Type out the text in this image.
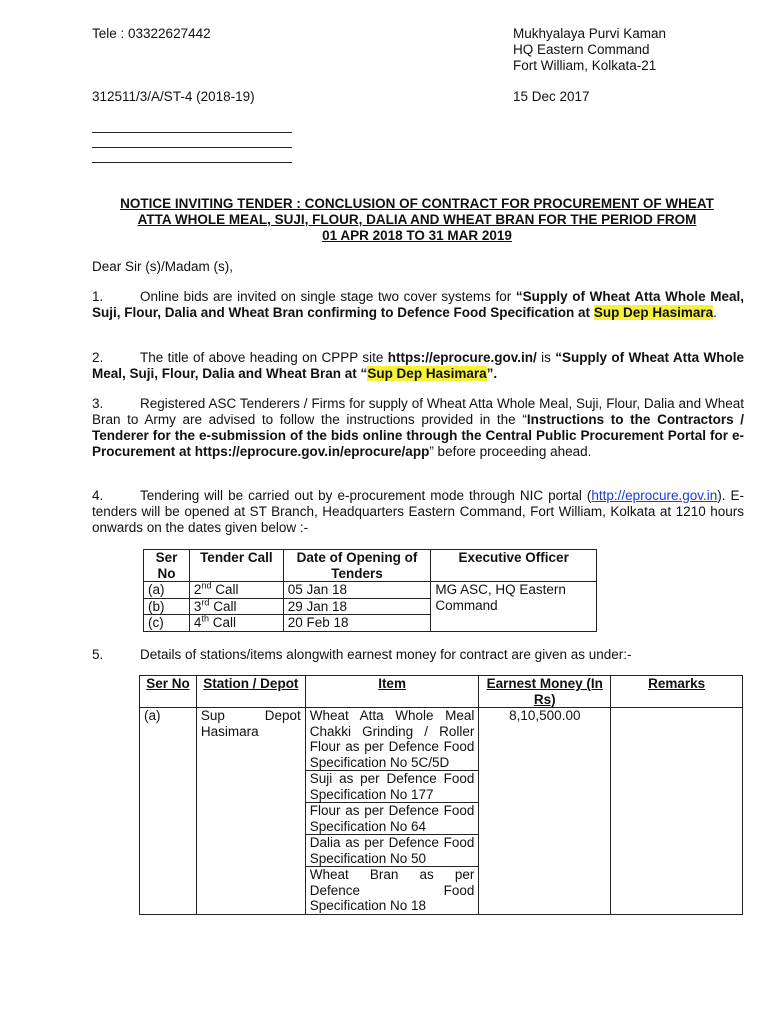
Tele : 03322627442	Mukhyalaya Purvi Kaman
HQ Eastern Command
Fort William, Kolkata-21
312511/3/A/ST-4 (2018-19)	15 Dec 2017
NOTICE INVITING TENDER : CONCLUSION OF CONTRACT FOR PROCUREMENT OF WHEAT
ATTA WHOLE MEAL, SUJI, FLOUR, DALIA AND WHEAT BRAN FOR THE PERIOD FROM
01 APR 2018 TO 31 MAR 2019
Dear Sir (s)/Madam (s),
1.	Online bids are invited on single stage two cover systems for “Supply of Wheat Atta Whole Meal, Suji, Flour, Dalia and Wheat Bran confirming to Defence Food Specification at Sup Dep Hasimara.
2.	The title of above heading on CPPP site https://eprocure.gov.in/ is “Supply of Wheat Atta Whole Meal, Suji, Flour, Dalia and Wheat Bran at “Sup Dep Hasimara”.
3.	Registered ASC Tenderers / Firms for supply of Wheat Atta Whole Meal, Suji, Flour, Dalia and Wheat Bran to Army are advised to follow the instructions provided in the “Instructions to the Contractors / Tenderer for the e-submission of the bids online through the Central Public Procurement Portal for e-Procurement at https://eprocure.gov.in/eprocure/app” before proceeding ahead.
4.	Tendering will be carried out by e-procurement mode through NIC portal (http://eprocure.gov.in). E-tenders will be opened at ST Branch, Headquarters Eastern Command, Fort William, Kolkata at 1210 hours onwards on the dates given below :-
Ser No	Tender Call	Date of Opening of Tenders	Executive Officer
(a)	2nd Call	05 Jan 18	MG ASC, HQ Eastern Command
(b)	3rd Call	29 Jan 18	
(c)	4th Call	20 Feb 18	
5.	Details of stations/items alongwith earnest money for contract are given as under:-
Ser No	Station / Depot	Item	Earnest Money (In Rs)	Remarks
(a)	Sup Depot Hasimara	Wheat Atta Whole Meal Chakki Grinding / Roller Flour as per Defence Food Specification No 5C/5D	8,10,500.00	
		Suji as per Defence Food Specification No 177		
		Flour as per Defence Food Specification No 64		
		Dalia as per Defence Food Specification No 50		
		Wheat Bran as per Defence Food Specification No 18		
